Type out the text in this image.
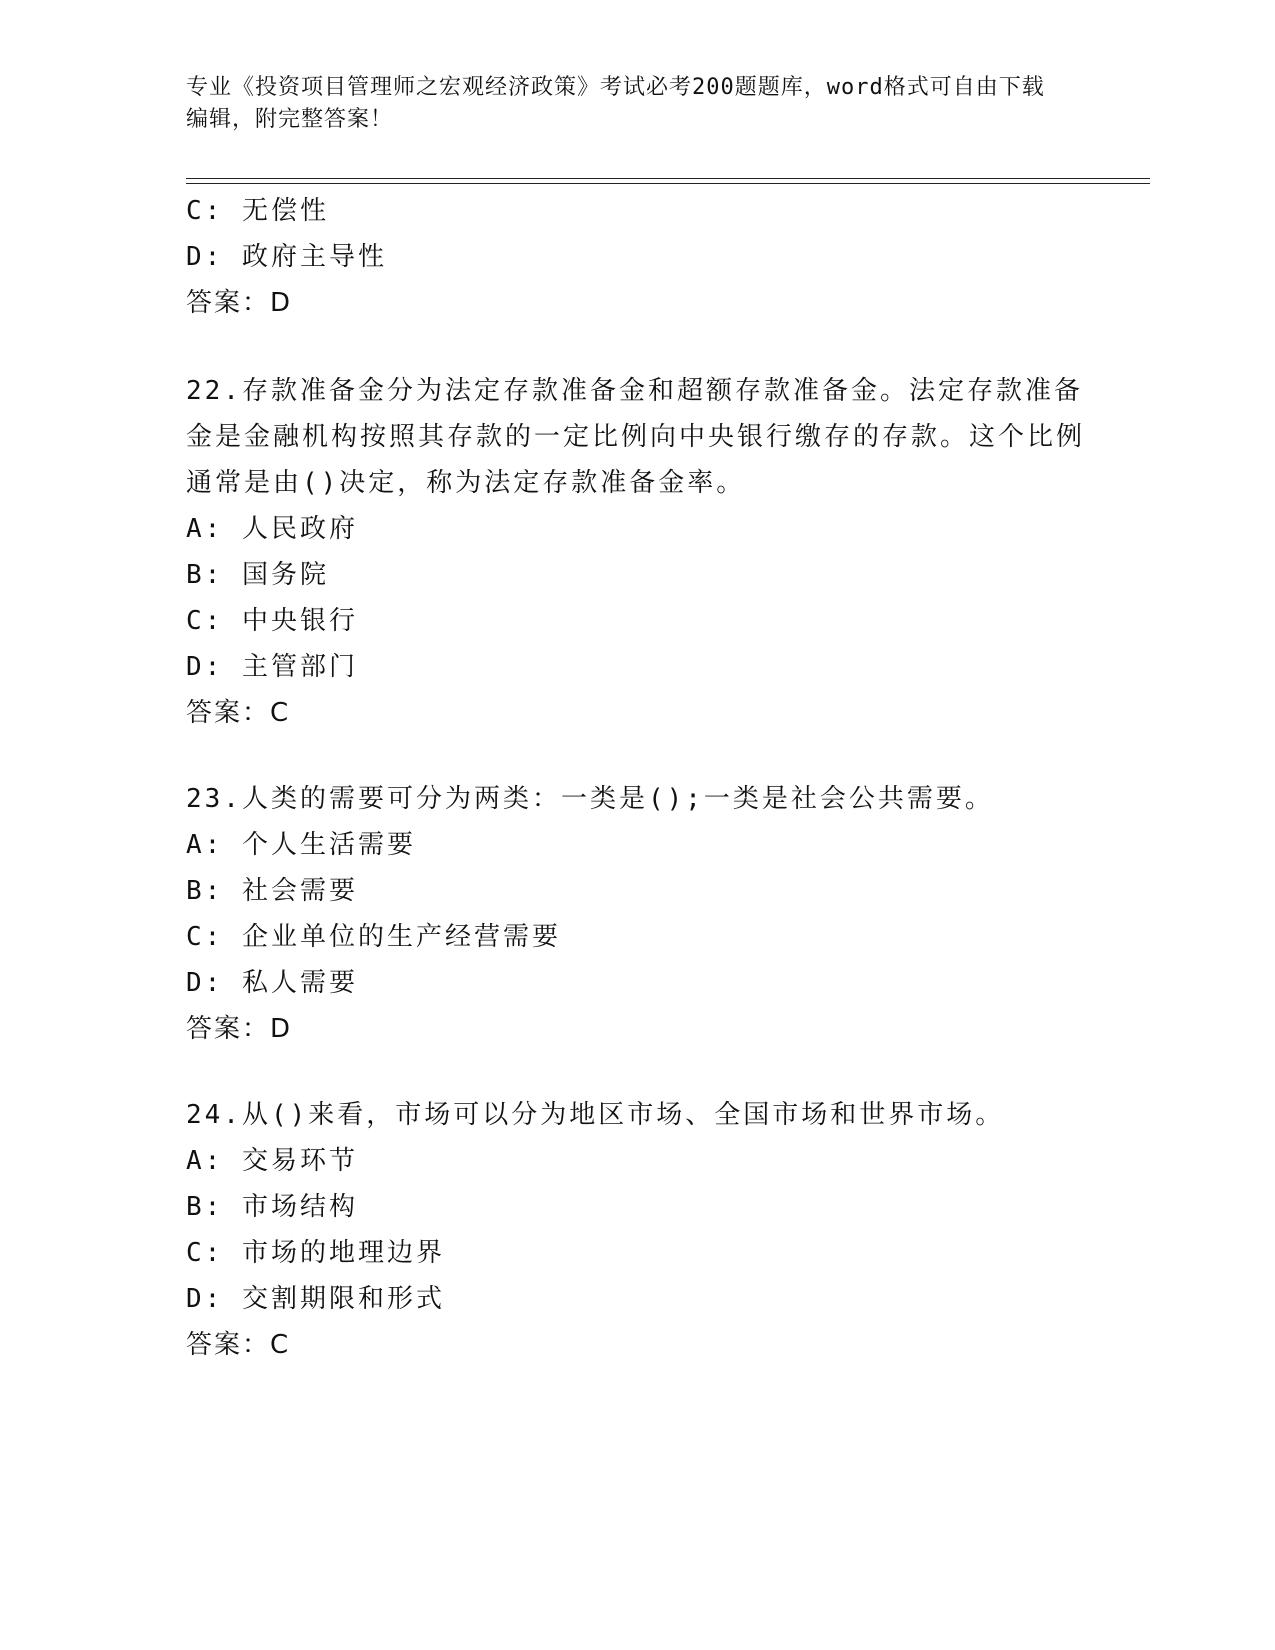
专业《投资项目管理师之宏观经济政策》考试必考200题题库，word格式可自由下载编辑，附完整答案！
C: 无偿性
D: 政府主导性
答案：D
22.存款准备金分为法定存款准备金和超额存款准备金。法定存款准备金是金融机构按照其存款的一定比例向中央银行缴存的存款。这个比例通常是由()决定，称为法定存款准备金率。
A: 人民政府
B: 国务院
C: 中央银行
D: 主管部门
答案：C
23.人类的需要可分为两类：一类是();一类是社会公共需要。
A: 个人生活需要
B: 社会需要
C: 企业单位的生产经营需要
D: 私人需要
答案：D
24.从()来看，市场可以分为地区市场、全国市场和世界市场。
A: 交易环节
B: 市场结构
C: 市场的地理边界
D: 交割期限和形式
答案：C
